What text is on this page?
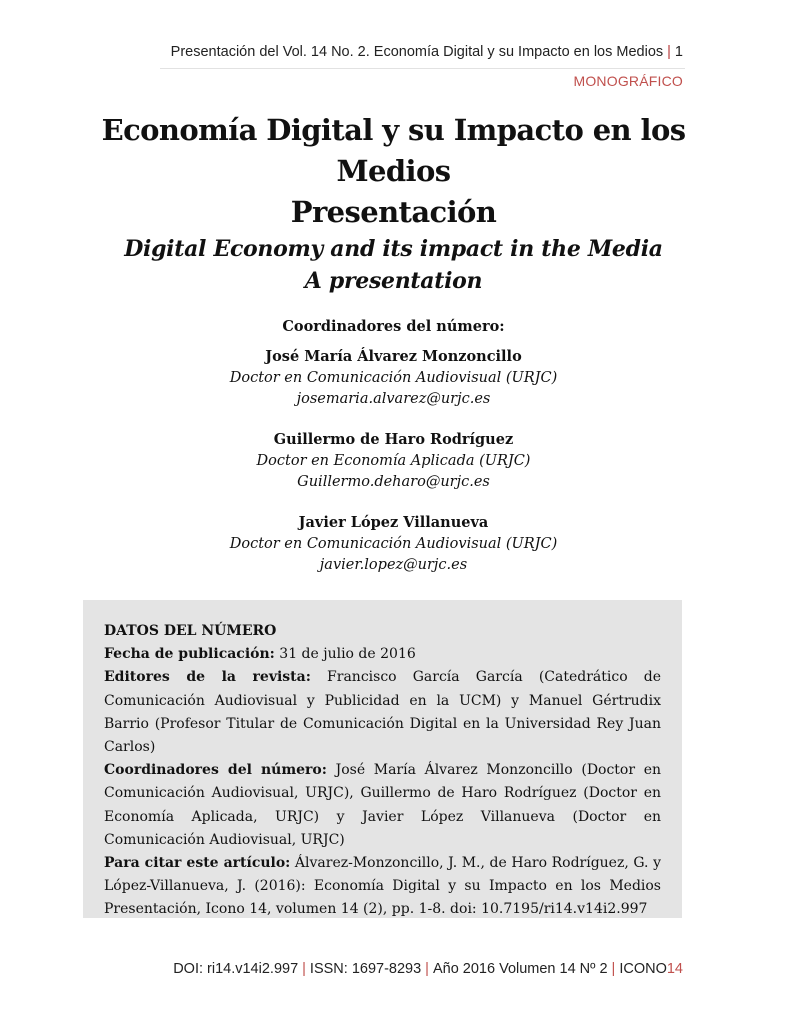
Presentación del Vol. 14 No. 2. Economía Digital y su Impacto en los Medios | 1
MONOGRÁFICO
Economía Digital y su Impacto en los Medios
Presentación
Digital Economy and its impact in the Media
A presentation
Coordinadores del número:
José María Álvarez Monzoncillo
Doctor en Comunicación Audiovisual (URJC)
josemaria.alvarez@urjc.es
Guillermo de Haro Rodríguez
Doctor en Economía Aplicada (URJC)
Guillermo.deharo@urjc.es
Javier López Villanueva
Doctor en Comunicación Audiovisual (URJC)
javier.lopez@urjc.es

DATOS DEL NÚMERO

Fecha de publicación: 31 de julio de 2016

Editores de la revista: Francisco García García (Catedrático de Comunicación Audiovisual y Publicidad en la UCM) y Manuel Gértrudix Barrio (Profesor Titular de Comunicación Digital en la Universidad Rey Juan Carlos)

Coordinadores del número: José María Álvarez Monzoncillo (Doctor en Comunicación Audiovisual, URJC), Guillermo de Haro Rodríguez (Doctor en Economía Aplicada, URJC) y Javier López Villanueva (Doctor en Comunicación Audiovisual, URJC)

Para citar este artículo: Álvarez-Monzoncillo, J. M., de Haro Rodríguez, G. y López-Villanueva, J. (2016): Economía Digital y su Impacto en los Medios Presentación, Icono 14, volumen 14 (2), pp. 1-8. doi: 10.7195/ri14.v14i2.997

DOI: ri14.v14i2.997 | ISSN: 1697-8293 | Año 2016 Volumen 14 Nº 2 | ICONO14
